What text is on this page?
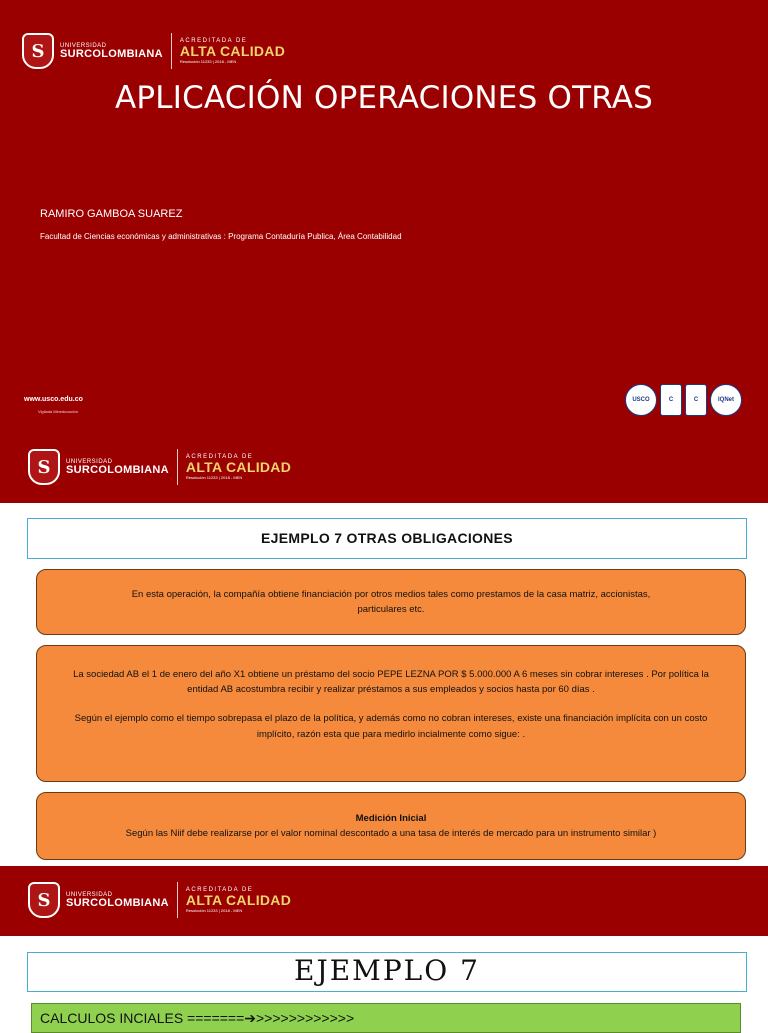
S	UNIVERSIDAD
SURCOLOMBIANA
ACREDITADA DE
ALTA CALIDAD
Resolución 11233 | 2018 - MEN
APLICACIÓN OPERACIONES OTRAS
RAMIRO GAMBOA SUAREZ
Facultad de Ciencias económicas y administrativas : Programa Contaduría Publica, Área Contabilidad
www.usco.edu.co
Vigilada Mineducación
USCO	C	C	IQNet
S	UNIVERSIDAD
SURCOLOMBIANA
ACREDITADA DE
ALTA CALIDAD
Resolución 11233 | 2018 - MEN
EJEMPLO 7 OTRAS OBLIGACIONES
En esta operación, la compañía obtiene financiación por otros medios tales como prestamos de la casa matriz, accionistas, particulares etc.

La sociedad AB el 1 de enero del año X1 obtiene un préstamo del socio PEPE LEZNA POR $ 5.000.000 A 6 meses sin cobrar intereses . Por política la entidad AB acostumbra recibir y realizar préstamos a sus empleados y socios hasta por 60 días .

Según el ejemplo como el tiempo sobrepasa el plazo de la política, y además como no cobran intereses, existe una financiación implícita con un costo implícito, razón esta que para medirlo incialmente como sigue: .

Medición Inicial
Según las Niif debe realizarse por el valor nominal descontado a una tasa de interés de mercado para un instrumento similar )
S	UNIVERSIDAD
SURCOLOMBIANA
ACREDITADA DE
ALTA CALIDAD
Resolución 11233 | 2018 - MEN
EJEMPLO 7
CALCULOS INCIALES =======➔>>>>>>>>>>>>
